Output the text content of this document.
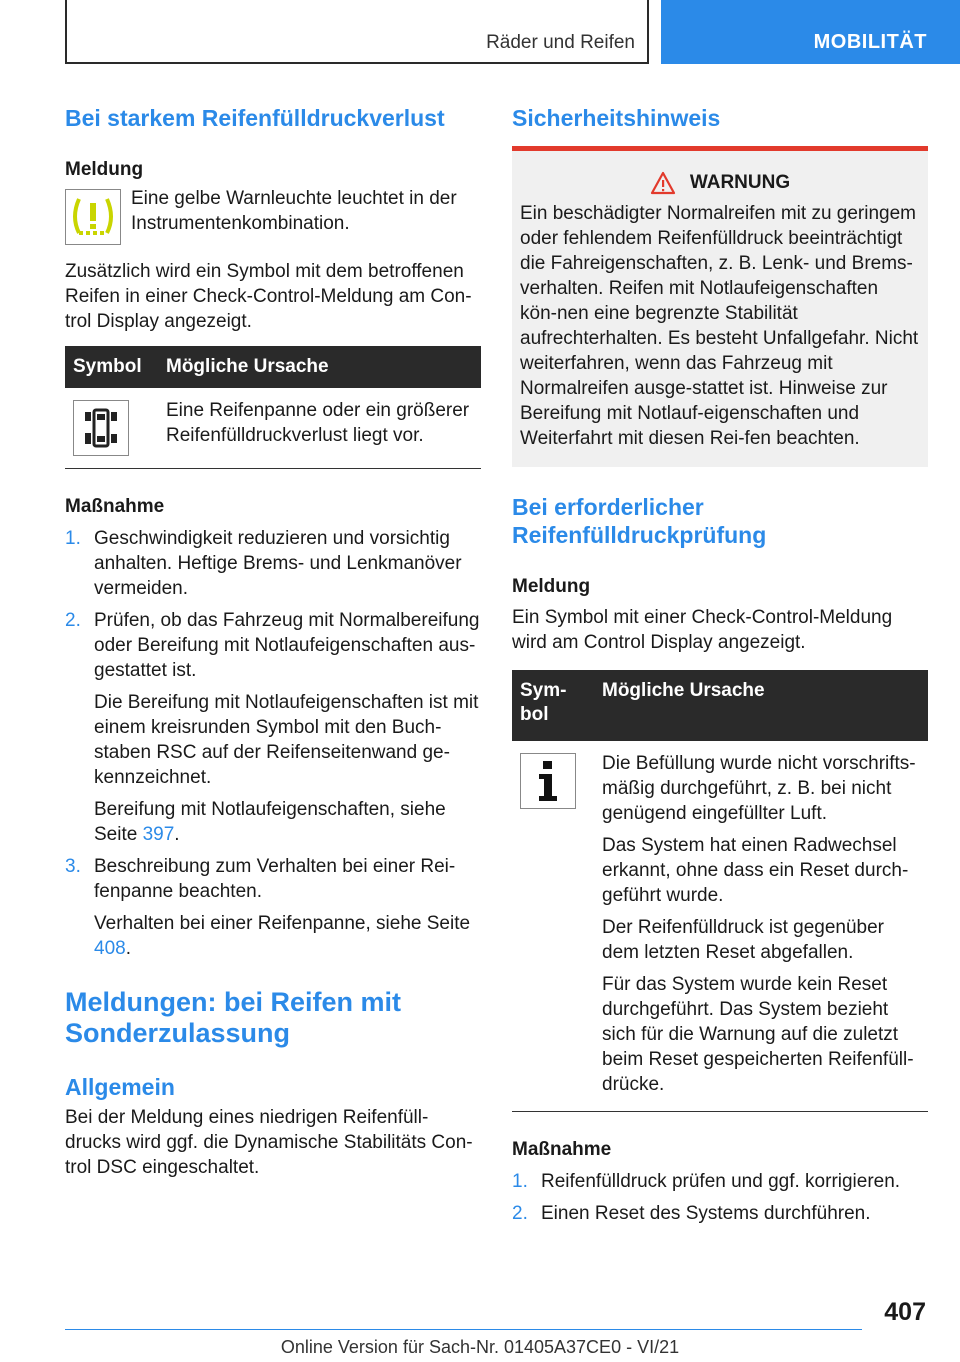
Räder und Reifen	MOBILITÄT
Bei starkem Reifenfülldruckverlust
Meldung
Eine gelbe Warnleuchte leuchtet in der Instrumentenkombination.

Zusätzlich wird ein Symbol mit dem betroffenen Reifen in einer Check-Control-Meldung am Con-trol Display angezeigt.

Symbol	Mögliche Ursache

	Eine Reifenpanne oder ein größerer Reifenfülldruckverlust liegt vor.
Maßnahme
1. Geschwindigkeit reduzieren und vorsichtig anhalten. Heftige Brems- und Lenkmanöver vermeiden.

2. Prüfen, ob das Fahrzeug mit Normalbereifung oder Bereifung mit Notlaufeigenschaften aus-gestattet ist.

Die Bereifung mit Notlaufeigenschaften ist mit einem kreisrunden Symbol mit den Buch-staben RSC auf der Reifenseitenwand ge-kennzeichnet.

Bereifung mit Notlaufeigenschaften, siehe Seite 397.

3. Beschreibung zum Verhalten bei einer Rei-fenpanne beachten.

Verhalten bei einer Reifenpanne, siehe Seite 408.

Meldungen: bei Reifen mit Sonderzulassung
Allgemein

Bei der Meldung eines niedrigen Reifenfüll-drucks wird ggf. die Dynamische Stabilitäts Con-trol DSC eingeschaltet.

Sicherheitshinweis
WARNUNG

Ein beschädigter Normalreifen mit zu geringem oder fehlendem Reifenfülldruck beeinträchtigt die Fahreigenschaften, z. B. Lenk- und Brems-verhalten. Reifen mit Notlaufeigenschaften kön-nen eine begrenzte Stabilität aufrechterhalten. Es besteht Unfallgefahr. Nicht weiterfahren, wenn das Fahrzeug mit Normalreifen ausge-stattet ist. Hinweise zur Bereifung mit Notlauf-eigenschaften und Weiterfahrt mit diesen Rei-fen beachten.

Bei erforderlicher Reifenfülldruckprüfung
Meldung

Ein Symbol mit einer Check-Control-Meldung wird am Control Display angezeigt.

Sym-bol	Mögliche Ursache

Die Befüllung wurde nicht vorschrifts-mäßig durchgeführt, z. B. bei nicht genügend eingefüllter Luft.

Das System hat einen Radwechsel erkannt, ohne dass ein Reset durch-geführt wurde.

Der Reifenfülldruck ist gegenüber dem letzten Reset abgefallen.

Für das System wurde kein Reset durchgeführt. Das System bezieht sich für die Warnung auf die zuletzt beim Reset gespeicherten Reifenfüll-drücke.

Maßnahme
1. Reifenfülldruck prüfen und ggf. korrigieren.

2. Einen Reset des Systems durchführen.

407
Online Version für Sach-Nr. 01405A37CE0 - VI/21
